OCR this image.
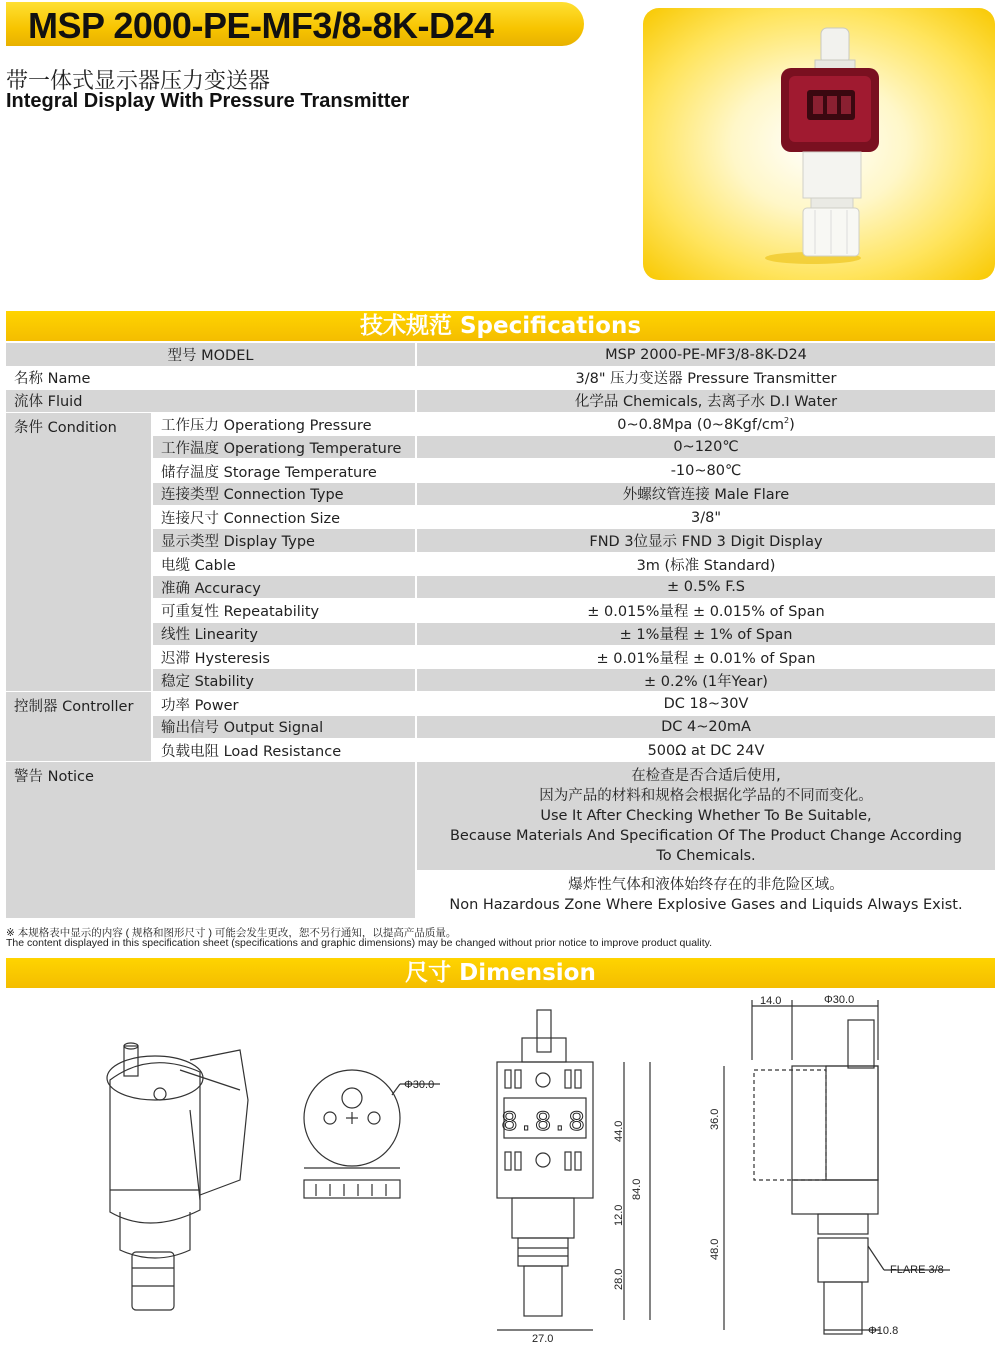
MSP 2000-PE-MF3/8-8K-D24
带一体式显示器压力变送器
Integral Display With Pressure Transmitter
技术规范 Specifications
型号 MODEL		MSP 2000-PE-MF3/8-8K-D24
名称 Name		3/8" 压力变送器 Pressure Transmitter
流体 Fluid		化学品 Chemicals, 去离子水 D.I Water
条件 Condition	工作压力 Operationg Pressure	0~0.8Mpa $(0\sim 8Kgf/cm^2)$
	工作温度 Operationg Temperature	0~120℃
	储存温度 Storage Temperature	-10~80℃
	连接类型 Connection Type	外螺纹管连接 Male Flare
	连接尺寸 Connection Size	3/8"
	显示类型 Display Type	FND 3位显示 FND 3 Digit Display
	电缆 Cable	3m (标准 Standard)
	准确 Accuracy	± 0.5% F.S
	可重复性 Repeatability	± 0.015%量程 ± 0.015% of Span
	线性 Linearity	± 1%量程 ± 1% of Span
	迟滞 Hysteresis	± 0.01%量程 ± 0.01% of Span
	稳定 Stability	± 0.2% (1年Year)
控制器 Controller	功率 Power	DC 18~30V
	输出信号 Output Signal	DC 4~20mA
	负载电阻 Load Resistance	500Ω at DC 24V
警告 Notice		在检查是否合适后使用,
因为产品的材料和规格会根据化学品的不同而变化。
Use It After Checking Whether To Be Suitable,
Because Materials And Specification Of The Product Change According
To Chemicals.

		爆炸性气体和液体始终存在的非危险区域。
Non Hazardous Zone Where Explosive Gases and Liquids Always Exist.
※ 本规格表中显示的内容 ( 规格和图形尺寸 ) 可能会发生更改，恕不另行通知，以提高产品质量。
The content displayed in this specification sheet (specifications and graphic dimensions) may be changed without prior notice to improve product quality.
尺寸 Dimension
8.8.8
Φ30.0
14.0	Φ30.0
36.0
48.0
FLARE 3/8
Φ10.8
44.0
84.0
12.0
28.0
27.0
